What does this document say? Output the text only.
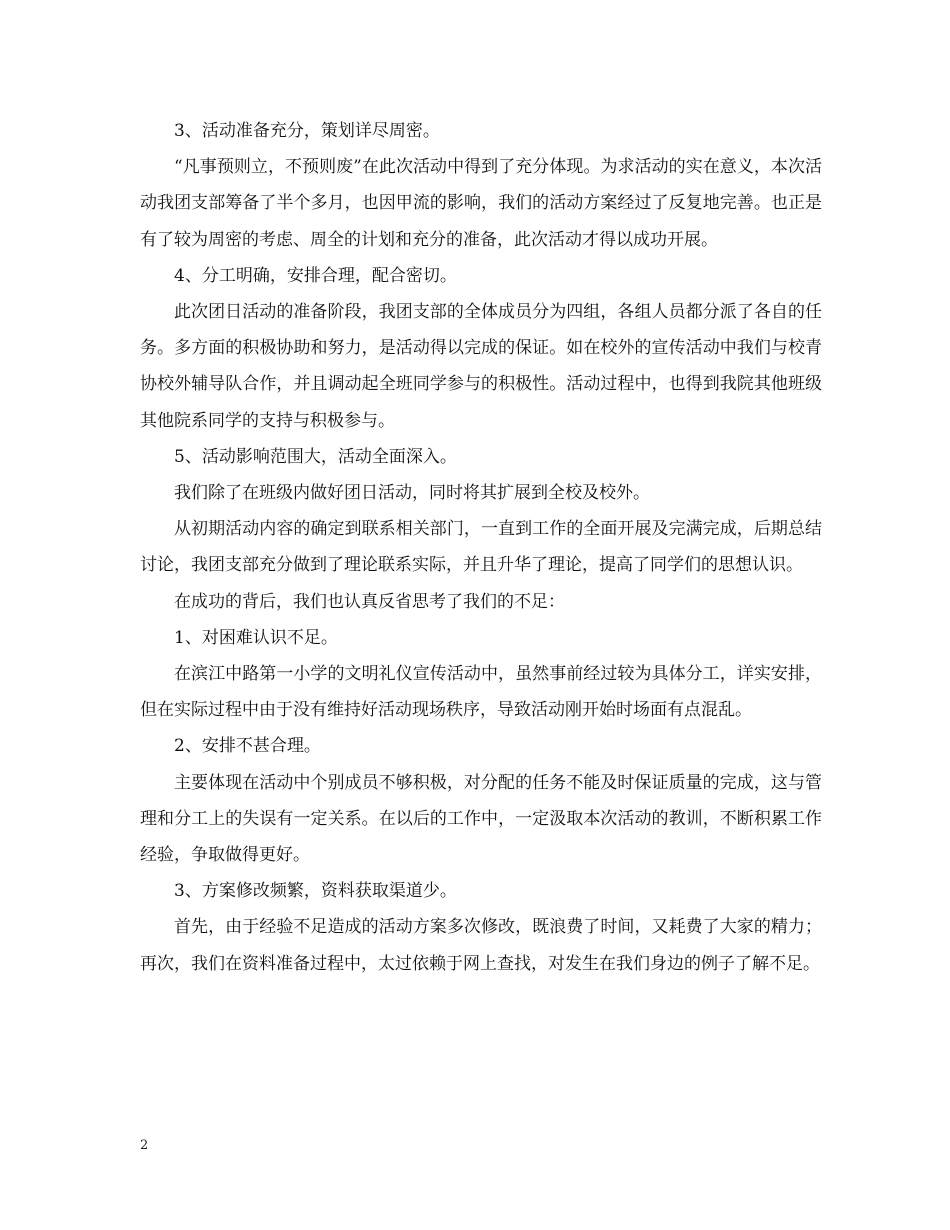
3、活动准备充分，策划详尽周密。

“凡事预则立，不预则废”在此次活动中得到了充分体现。为求活动的实在意义，本次活动我团支部筹备了半个多月，也因甲流的影响，我们的活动方案经过了反复地完善。也正是有了较为周密的考虑、周全的计划和充分的准备，此次活动才得以成功开展。

4、分工明确，安排合理，配合密切。

此次团日活动的准备阶段，我团支部的全体成员分为四组，各组人员都分派了各自的任务。多方面的积极协助和努力，是活动得以完成的保证。如在校外的宣传活动中我们与校青协校外辅导队合作，并且调动起全班同学参与的积极性。活动过程中，也得到我院其他班级其他院系同学的支持与积极参与。

5、活动影响范围大，活动全面深入。

我们除了在班级内做好团日活动，同时将其扩展到全校及校外。

从初期活动内容的确定到联系相关部门，一直到工作的全面开展及完满完成，后期总结讨论，我团支部充分做到了理论联系实际，并且升华了理论，提高了同学们的思想认识。

在成功的背后，我们也认真反省思考了我们的不足：

1、对困难认识不足。

在滨江中路第一小学的文明礼仪宣传活动中，虽然事前经过较为具体分工，详实安排，但在实际过程中由于没有维持好活动现场秩序，导致活动刚开始时场面有点混乱。

2、安排不甚合理。

主要体现在活动中个别成员不够积极，对分配的任务不能及时保证质量的完成，这与管理和分工上的失误有一定关系。在以后的工作中，一定汲取本次活动的教训，不断积累工作经验，争取做得更好。

3、方案修改频繁，资料获取渠道少。

首先，由于经验不足造成的活动方案多次修改，既浪费了时间，又耗费了大家的精力；再次，我们在资料准备过程中，太过依赖于网上查找，对发生在我们身边的例子了解不足。

2
